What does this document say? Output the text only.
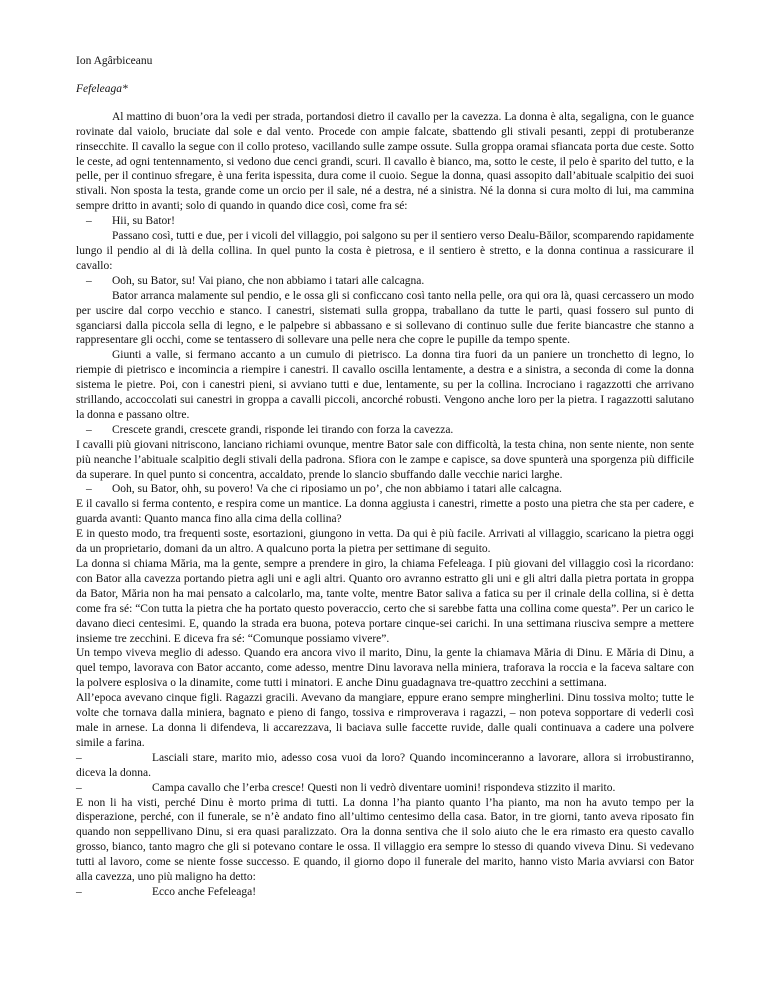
Ion Agârbiceanu

Fefeleaga*

Al mattino di buon’ora la vedi per strada, portandosi dietro il cavallo per la cavezza. La donna è alta, segaligna, con le guance rovinate dal vaiolo, bruciate dal sole e dal vento. Procede con ampie falcate, sbattendo gli stivali pesanti, zeppi di protuberanze rinsecchite. Il cavallo la segue con il collo proteso, vacillando sulle zampe ossute. Sulla groppa oramai sfiancata porta due ceste. Sotto le ceste, ad ogni tentennamento, si vedono due cenci grandi, scuri. Il cavallo è bianco, ma, sotto le ceste, il pelo è sparito del tutto, e la pelle, per il continuo sfregare, è una ferita ispessita, dura come il cuoio. Segue la donna, quasi assopito dall’abituale scalpitio dei suoi stivali. Non sposta la testa, grande come un orcio per il sale, né a destra, né a sinistra. Né la donna si cura molto di lui, ma cammina sempre dritto in avanti; solo di quando in quando dice così, come fra sé:

– Hii, su Bator!

Passano così, tutti e due, per i vicoli del villaggio, poi salgono su per il sentiero verso Dealu-Băilor, scomparendo rapidamente lungo il pendio al di là della collina. In quel punto la costa è pietrosa, e il sentiero è stretto, e la donna continua a rassicurare il cavallo:

– Ooh, su Bator, su! Vai piano, che non abbiamo i tatari alle calcagna.

Bator arranca malamente sul pendio, e le ossa gli si conficcano così tanto nella pelle, ora qui ora là, quasi cercassero un modo per uscire dal corpo vecchio e stanco. I canestri, sistemati sulla groppa, traballano da tutte le parti, quasi fossero sul punto di sganciarsi dalla piccola sella di legno, e le palpebre si abbassano e si sollevano di continuo sulle due ferite biancastre che stanno a rappresentare gli occhi, come se tentassero di sollevare una pelle nera che copre le pupille da tempo spente.

Giunti a valle, si fermano accanto a un cumulo di pietrisco. La donna tira fuori da un paniere un tronchetto di legno, lo riempie di pietrisco e incomincia a riempire i canestri. Il cavallo oscilla lentamente, a destra e a sinistra, a seconda di come la donna sistema le pietre. Poi, con i canestri pieni, si avviano tutti e due, lentamente, su per la collina. Incrociano i ragazzotti che arrivano strillando, accoccolati sui canestri in groppa a cavalli piccoli, ancorché robusti. Vengono anche loro per la pietra. I ragazzotti salutano la donna e passano oltre.

– Crescete grandi, crescete grandi, risponde lei tirando con forza la cavezza.

I cavalli più giovani nitriscono, lanciano richiami ovunque, mentre Bator sale con difficoltà, la testa china, non sente niente, non sente più neanche l’abituale scalpitio degli stivali della padrona. Sfiora con le zampe e capisce, sa dove spunterà una sporgenza più difficile da superare. In quel punto si concentra, accaldato, prende lo slancio sbuffando dalle vecchie narici larghe.

– Ooh, su Bator, ohh, su povero! Va che ci riposiamo un po’, che non abbiamo i tatari alle calcagna.

E il cavallo si ferma contento, e respira come un mantice. La donna aggiusta i canestri, rimette a posto una pietra che sta per cadere, e guarda avanti: Quanto manca fino alla cima della collina?

E in questo modo, tra frequenti soste, esortazioni, giungono in vetta. Da qui è più facile. Arrivati al villaggio, scaricano la pietra oggi da un proprietario, domani da un altro. A qualcuno porta la pietra per settimane di seguito.

La donna si chiama Măria, ma la gente, sempre a prendere in giro, la chiama Fefeleaga. I più giovani del villaggio così la ricordano: con Bator alla cavezza portando pietra agli uni e agli altri. Quanto oro avranno estratto gli uni e gli altri dalla pietra portata in groppa da Bator, Măria non ha mai pensato a calcolarlo, ma, tante volte, mentre Bator saliva a fatica su per il crinale della collina, si è detta come fra sé: “Con tutta la pietra che ha portato questo poveraccio, certo che si sarebbe fatta una collina come questa”. Per un carico le davano dieci centesimi. E, quando la strada era buona, poteva portare cinque-sei carichi. In una settimana riusciva sempre a mettere insieme tre zecchini. E diceva fra sé: “Comunque possiamo vivere”.

Un tempo viveva meglio di adesso. Quando era ancora vivo il marito, Dinu, la gente la chiamava Măria di Dinu. E Măria di Dinu, a quel tempo, lavorava con Bator accanto, come adesso, mentre Dinu lavorava nella miniera, traforava la roccia e la faceva saltare con la polvere esplosiva o la dinamite, come tutti i minatori. E anche Dinu guadagnava tre-quattro zecchini a settimana.

All’epoca avevano cinque figli. Ragazzi gracili. Avevano da mangiare, eppure erano sempre mingherlini. Dinu tossiva molto; tutte le volte che tornava dalla miniera, bagnato e pieno di fango, tossiva e rimproverava i ragazzi, – non poteva sopportare di vederli così male in arnese. La donna li difendeva, li accarezzava, li baciava sulle faccette ruvide, dalle quali continuava a cadere una polvere simile a farina.

–	Lasciali stare, marito mio, adesso cosa vuoi da loro? Quando incominceranno a lavorare, allora si irrobustiranno, diceva la donna.

–	Campa cavallo che l’erba cresce! Questi non li vedrò diventare uomini! rispondeva stizzito il marito.

E non li ha visti, perché Dinu è morto prima di tutti. La donna l’ha pianto quanto l’ha pianto, ma non ha avuto tempo per la disperazione, perché, con il funerale, se n’è andato fino all’ultimo centesimo della casa. Bator, in tre giorni, tanto aveva riposato fin quando non seppellivano Dinu, si era quasi paralizzato. Ora la donna sentiva che il solo aiuto che le era rimasto era questo cavallo grosso, bianco, tanto magro che gli si potevano contare le ossa. Il villaggio era sempre lo stesso di quando viveva Dinu. Si vedevano tutti al lavoro, come se niente fosse successo. E quando, il giorno dopo il funerale del marito, hanno visto Maria avviarsi con Bator alla cavezza, uno più maligno ha detto:

–	Ecco anche Fefeleaga!
